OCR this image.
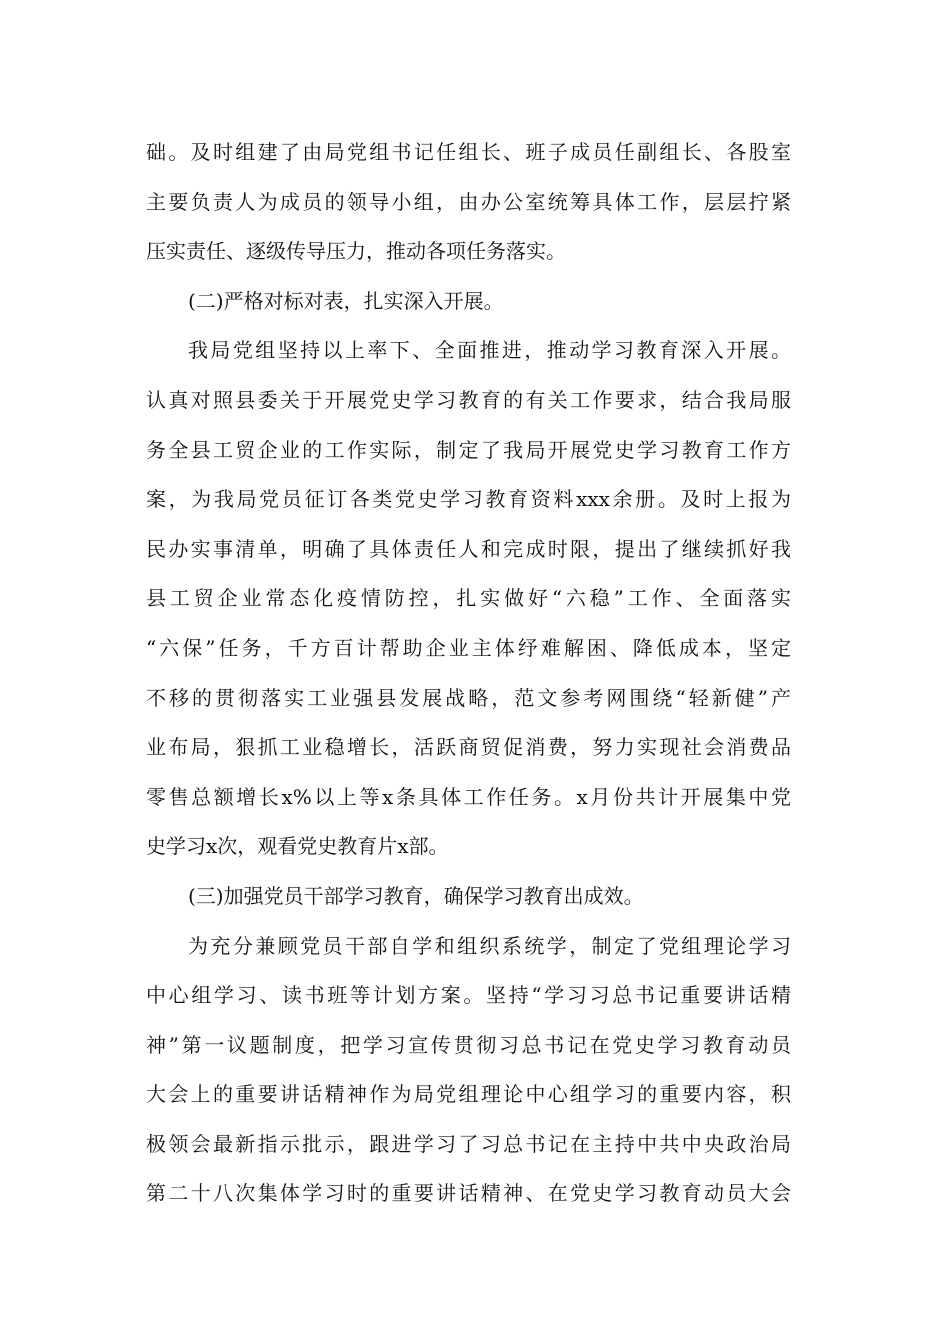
础。及时组建了由局党组书记任组长、班子成员任副组长、各股室
主要负责人为成员的领导小组，由办公室统筹具体工作，层层拧紧
压实责任、逐级传导压力，推动各项任务落实。
(二)严格对标对表，扎实深入开展。
我局党组坚持以上率下、全面推进，推动学习教育深入开展。
认真对照县委关于开展党史学习教育的有关工作要求，结合我局服
务全县工贸企业的工作实际，制定了我局开展党史学习教育工作方
案，为我局党员征订各类党史学习教育资料xxx余册。及时上报为
民办实事清单，明确了具体责任人和完成时限，提出了继续抓好我
县工贸企业常态化疫情防控，扎实做好“六稳”工作、全面落实
“六保”任务，千方百计帮助企业主体纾难解困、降低成本，坚定
不移的贯彻落实工业强县发展战略，范文参考网围绕“轻新健”产
业布局，狠抓工业稳增长，活跃商贸促消费，努力实现社会消费品
零售总额增长x%以上等x条具体工作任务。x月份共计开展集中党
史学习x次，观看党史教育片x部。
(三)加强党员干部学习教育，确保学习教育出成效。
为充分兼顾党员干部自学和组织系统学，制定了党组理论学习
中心组学习、读书班等计划方案。坚持“学习习总书记重要讲话精
神”第一议题制度，把学习宣传贯彻习总书记在党史学习教育动员
大会上的重要讲话精神作为局党组理论中心组学习的重要内容，积
极领会最新指示批示，跟进学习了习总书记在主持中共中央政治局
第二十八次集体学习时的重要讲话精神、在党史学习教育动员大会
